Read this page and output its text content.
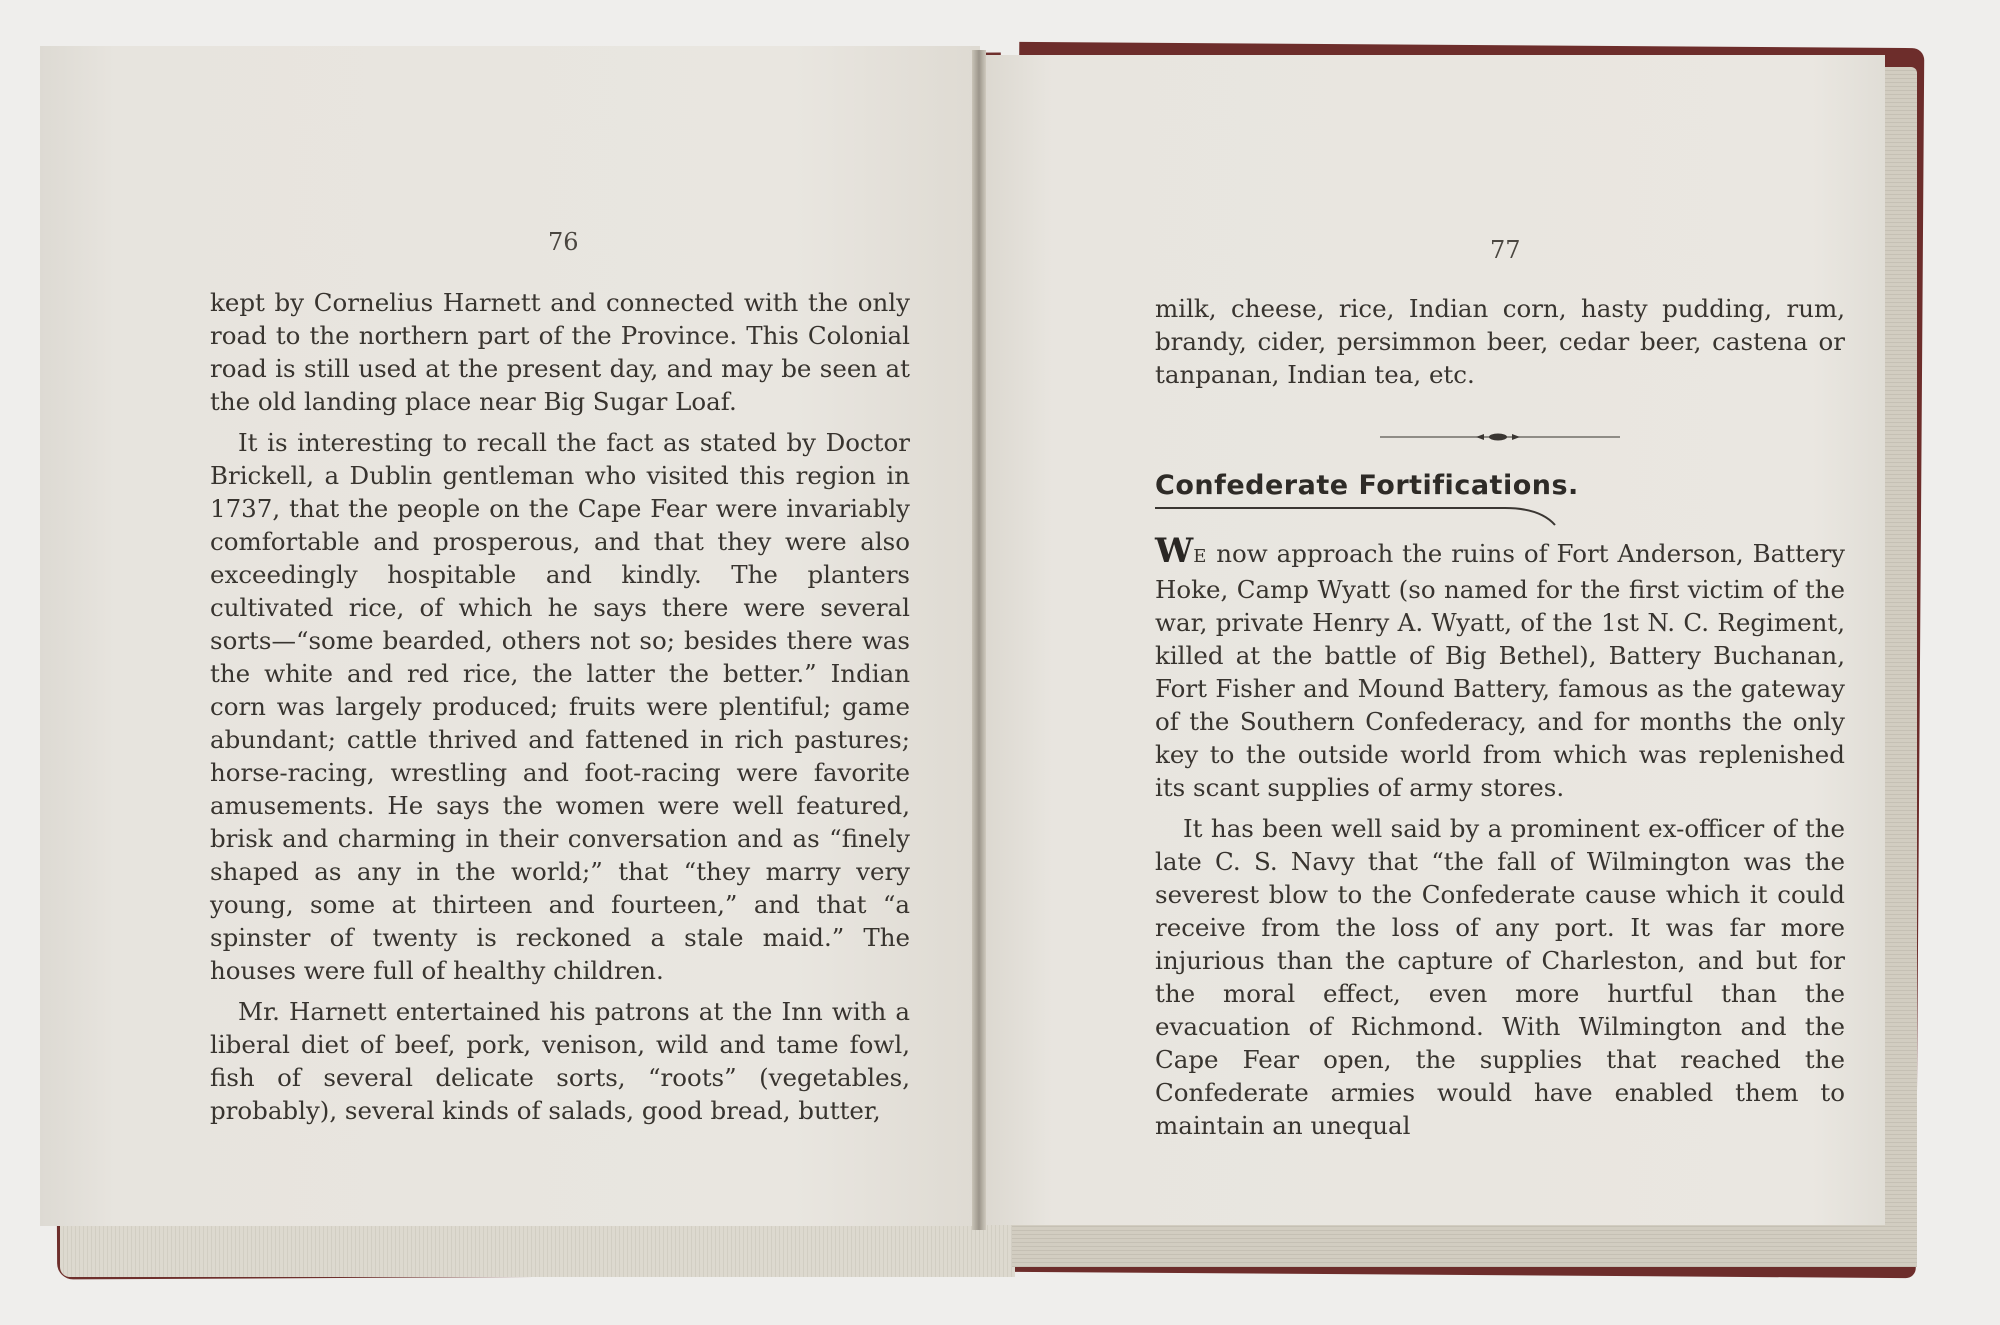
76

kept by Cornelius Harnett and connected with the only road to the northern part of the Province. This Colonial road is still used at the present day, and may be seen at the old landing place near Big Sugar Loaf.

It is interesting to recall the fact as stated by Doctor Brickell, a Dublin gentleman who visited this region in 1737, that the people on the Cape Fear were invariably comfortable and prosperous, and that they were also exceedingly hospitable and kindly. The planters cultivated rice, of which he says there were several sorts—“some bearded, others not so; besides there was the white and red rice, the latter the better.” Indian corn was largely produced; fruits were plentiful; game abundant; cattle thrived and fattened in rich pastures; horse-racing, wrestling and foot-racing were favorite amusements. He says the women were well featured, brisk and charming in their conversation and as “finely shaped as any in the world;” that “they marry very young, some at thirteen and fourteen,” and that “a spinster of twenty is reckoned a stale maid.” The houses were full of healthy children.

Mr. Harnett entertained his patrons at the Inn with a liberal diet of beef, pork, venison, wild and tame fowl, fish of several delicate sorts, “roots” (vegetables, probably), several kinds of salads, good bread, butter,

77

milk, cheese, rice, Indian corn, hasty pudding, rum, brandy, cider, persimmon beer, cedar beer, castena or tanpanan, Indian tea, etc.

Confederate Fortifications.

WE now approach the ruins of Fort Anderson, Battery Hoke, Camp Wyatt (so named for the first victim of the war, private Henry A. Wyatt, of the 1st N. C. Regiment, killed at the battle of Big Bethel), Battery Buchanan, Fort Fisher and Mound Battery, famous as the gateway of the Southern Confederacy, and for months the only key to the outside world from which was replenished its scant supplies of army stores.

It has been well said by a prominent ex-officer of the late C. S. Navy that “the fall of Wilmington was the severest blow to the Confederate cause which it could receive from the loss of any port. It was far more injurious than the capture of Charleston, and but for the moral effect, even more hurtful than the evacuation of Richmond. With Wilmington and the Cape Fear open, the supplies that reached the Confederate armies would have enabled them to maintain an unequal
